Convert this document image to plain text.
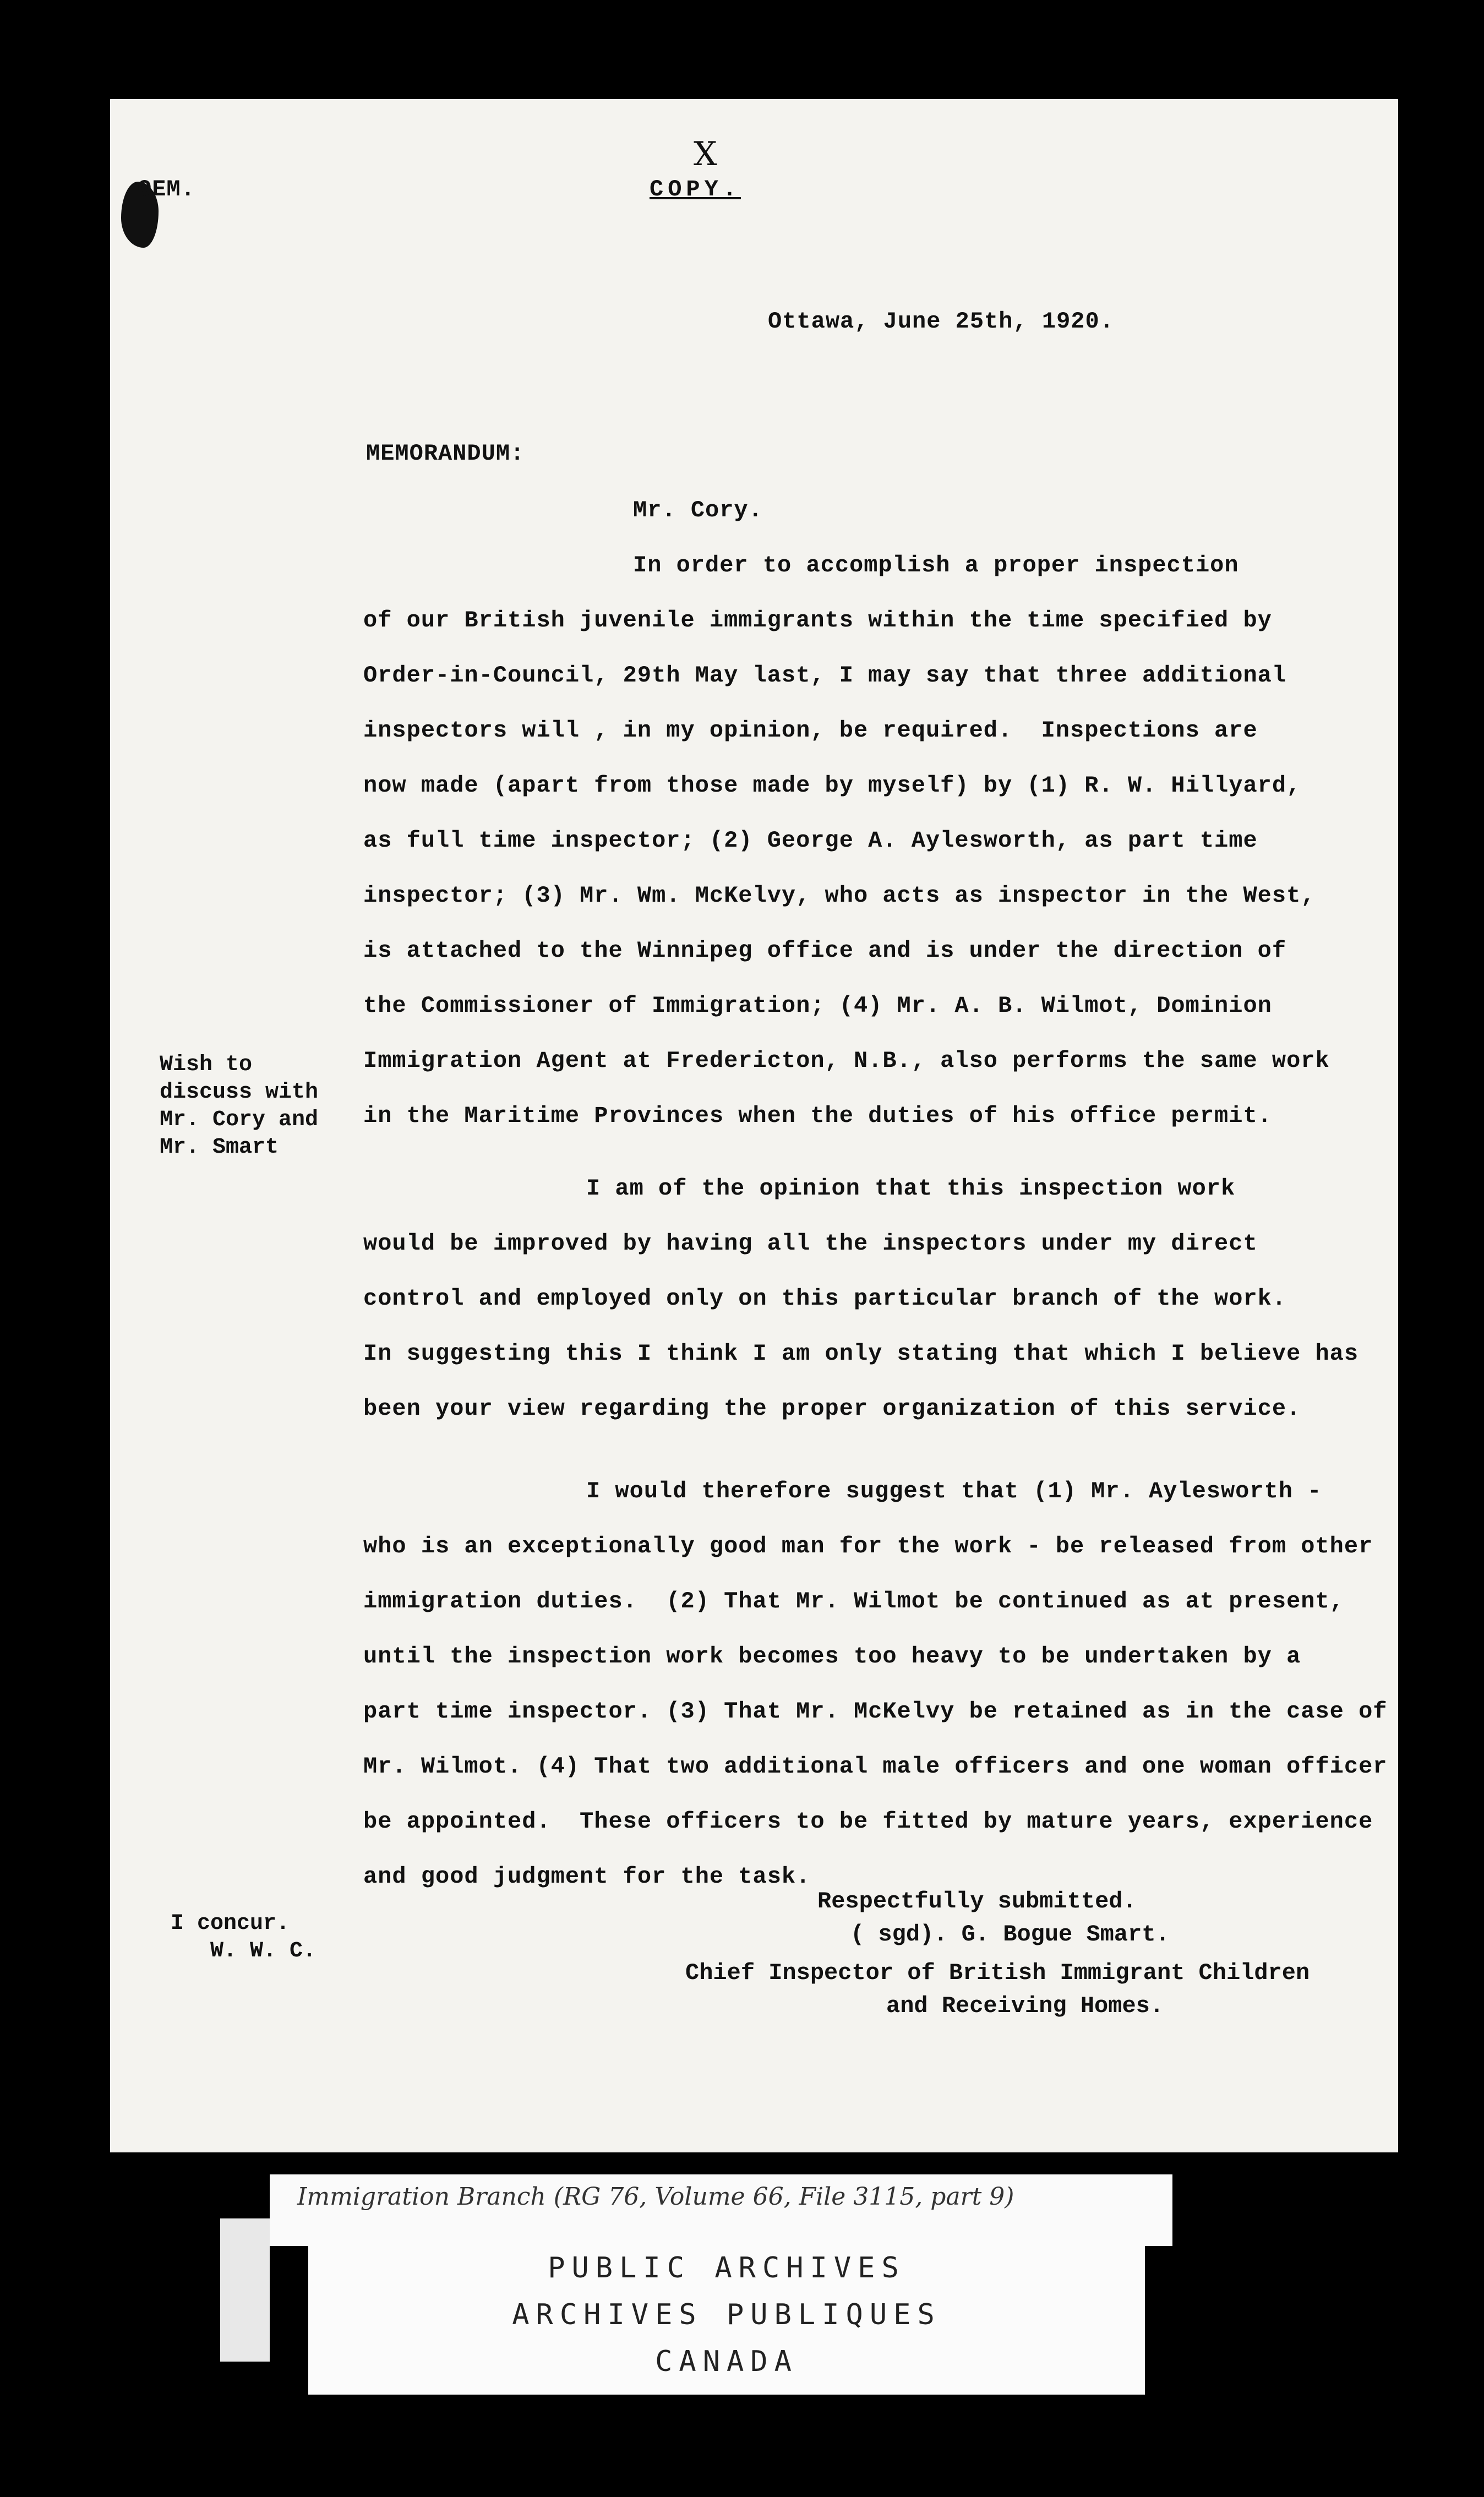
OEM.
X
COPY.
Ottawa, June 25th, 1920.
MEMORANDUM:
Mr. Cory.
In order to accomplish a proper inspection
of our British juvenile immigrants within the time specified by
Order-in-Council, 29th May last, I may say that three additional
inspectors will , in my opinion, be required.  Inspections are
now made (apart from those made by myself) by (1) R. W. Hillyard,
as full time inspector; (2) George A. Aylesworth, as part time
inspector; (3) Mr. Wm. McKelvy, who acts as inspector in the West,
is attached to the Winnipeg office and is under the direction of
the Commissioner of Immigration; (4) Mr. A. B. Wilmot, Dominion
Immigration Agent at Fredericton, N.B., also performs the same work
in the Maritime Provinces when the duties of his office permit.
Wish to
discuss with
Mr. Cory and
Mr. Smart
I am of the opinion that this inspection work
would be improved by having all the inspectors under my direct
control and employed only on this particular branch of the work.
In suggesting this I think I am only stating that which I believe has
been your view regarding the proper organization of this service.
I would therefore suggest that (1) Mr. Aylesworth -
who is an exceptionally good man for the work - be released from other
immigration duties.  (2) That Mr. Wilmot be continued as at present,
until the inspection work becomes too heavy to be undertaken by a
part time inspector. (3) That Mr. McKelvy be retained as in the case of
Mr. Wilmot. (4) That two additional male officers and one woman officer
be appointed.  These officers to be fitted by mature years, experience
and good judgment for the task.
I concur.
W. W. C.
Respectfully submitted.
( sgd). G. Bogue Smart.
Chief Inspector of British Immigrant Children
and Receiving Homes.
Immigration Branch (RG 76, Volume 66, File 3115, part 9)
PUBLIC ARCHIVES
ARCHIVES PUBLIQUES
CANADA
